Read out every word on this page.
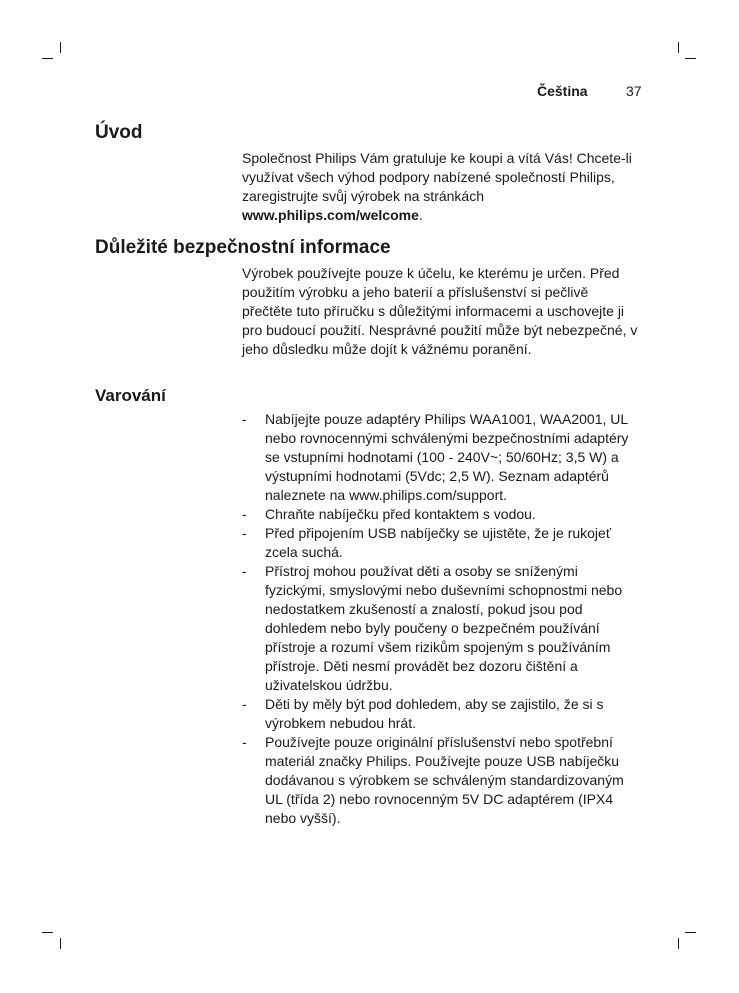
Čeština	37
Úvod

Společnost Philips Vám gratuluje ke koupi a vítá Vás! Chcete-li využívat všech výhod podpory nabízené společností Philips, zaregistrujte svůj výrobek na stránkách www.philips.com/welcome.

Důležité bezpečnostní informace

Výrobek používejte pouze k účelu, ke kterému je určen. Před použitím výrobku a jeho baterií a příslušenství si pečlivě přečtěte tuto příručku s důležitými informacemi a uschovejte ji pro budoucí použití. Nesprávné použití může být nebezpečné, v jeho důsledku může dojít k vážnému poranění.

Varování
-	Nabíjejte pouze adaptéry Philips WAA1001, WAA2001, UL nebo rovnocennými schválenými bezpečnostními adaptéry se vstupními hodnotami (100 - 240V~; 50/60Hz; 3,5 W) a výstupními hodnotami (5Vdc; 2,5 W). Seznam adaptérů naleznete na www.philips.com/support.
-	Chraňte nabíječku před kontaktem s vodou.
-	Před připojením USB nabíječky se ujistěte, že je rukojeť zcela suchá.
-	Přístroj mohou používat děti a osoby se sníženými fyzickými, smyslovými nebo duševními schopnostmi nebo nedostatkem zkušeností a znalostí, pokud jsou pod dohledem nebo byly poučeny o bezpečném používání přístroje a rozumí všem rizikům spojeným s používáním přístroje. Děti nesmí provádět bez dozoru čištění a uživatelskou údržbu.
-	Děti by měly být pod dohledem, aby se zajistilo, že si s výrobkem nebudou hrát.
-	Používejte pouze originální příslušenství nebo spotřební materiál značky Philips. Používejte pouze USB nabíječku dodávanou s výrobkem se schváleným standardizovaným UL (třída 2) nebo rovnocenným 5V DC adaptérem (IPX4 nebo vyšší).
